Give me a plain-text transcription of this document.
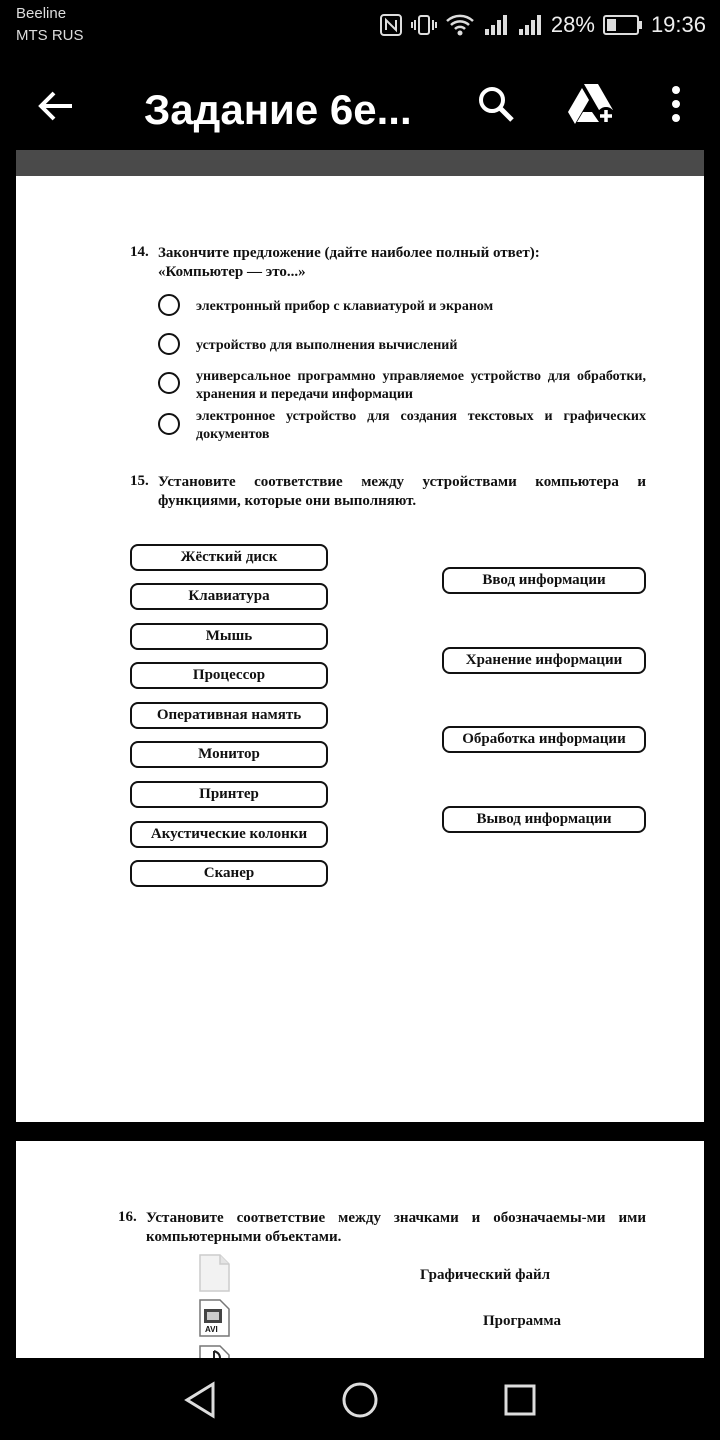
Beeline
MTS RUS	28%	19:36
Задание 6е...
14. Закончите предложение (дайте наиболее полный ответ):
«Компьютер — это...»
электронный прибор с клавиатурой и экраном
устройство для выполнения вычислений
универсальное программно управляемое устройство для обработки, хранения и передачи информации
электронное устройство для создания текстовых и графических документов
15. Установите соответствие между устройствами компьютера и функциями, которые они выполняют.
Жёсткий диск
Клавиатура
Мышь
Процессор
Оперативная намять
Монитор
Принтер
Акустические колонки
Сканер
Ввод информации
Хранение информации
Обработка информации
Вывод информации
16. Установите соответствие между значками и обозначаемы-ми ими компьютерными объектами.
Графический файл
AVI
Программа
